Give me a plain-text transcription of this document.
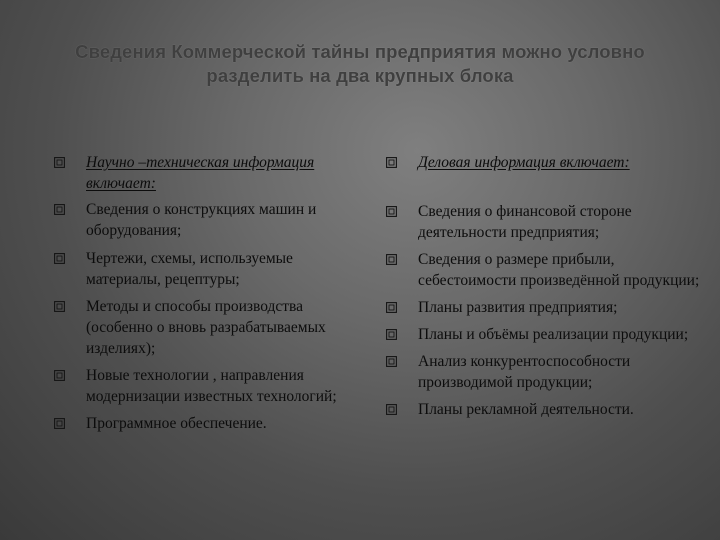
Сведения Коммерческой тайны предприятия можно условно
разделить на два крупных блока
Научно –техническая информация включает:
Сведения о конструкциях машин и оборудования;
Чертежи, схемы, используемые материалы, рецептуры;
Методы и способы производства (особенно о вновь разрабатываемых изделиях);
Новые технологии , направления модернизации известных технологий;
Программное обеспечение.
Деловая информация включает:
Сведения о финансовой стороне деятельности предприятия;
Сведения о размере прибыли, себестоимости произведённой продукции;
Планы развития предприятия;
Планы и объёмы реализации продукции;
Анализ конкурентоспособности производимой продукции;
Планы рекламной деятельности.
